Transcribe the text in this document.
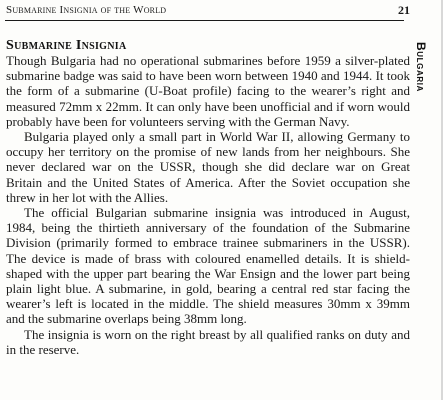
Submarine Insignia of the World	21
Bulgaria
Submarine Insignia

Though Bulgaria had no operational submarines before 1959 a silver-plated submarine badge was said to have been worn between 1940 and 1944. It took the form of a submarine (U-Boat profile) facing to the wearer’s right and measured 72mm x 22mm. It can only have been unofficial and if worn would probably have been for volunteers serving with the German Navy.

Bulgaria played only a small part in World War II, allowing Germany to occupy her territory on the promise of new lands from her neighbours. She never declared war on the USSR, though she did declare war on Great Britain and the United States of America. After the Soviet occupation she threw in her lot with the Allies.

The official Bulgarian submarine insignia was introduced in August, 1984, being the thirtieth anniversary of the foundation of the Submarine Division (primarily formed to embrace trainee submariners in the USSR). The device is made of brass with coloured enamelled details. It is shield-shaped with the upper part bearing the War Ensign and the lower part being plain light blue. A submarine, in gold, bearing a central red star facing the wearer’s left is located in the middle. The shield measures 30mm x 39mm and the submarine overlaps being 38mm long.

The insignia is worn on the right breast by all qualified ranks on duty and in the reserve.
